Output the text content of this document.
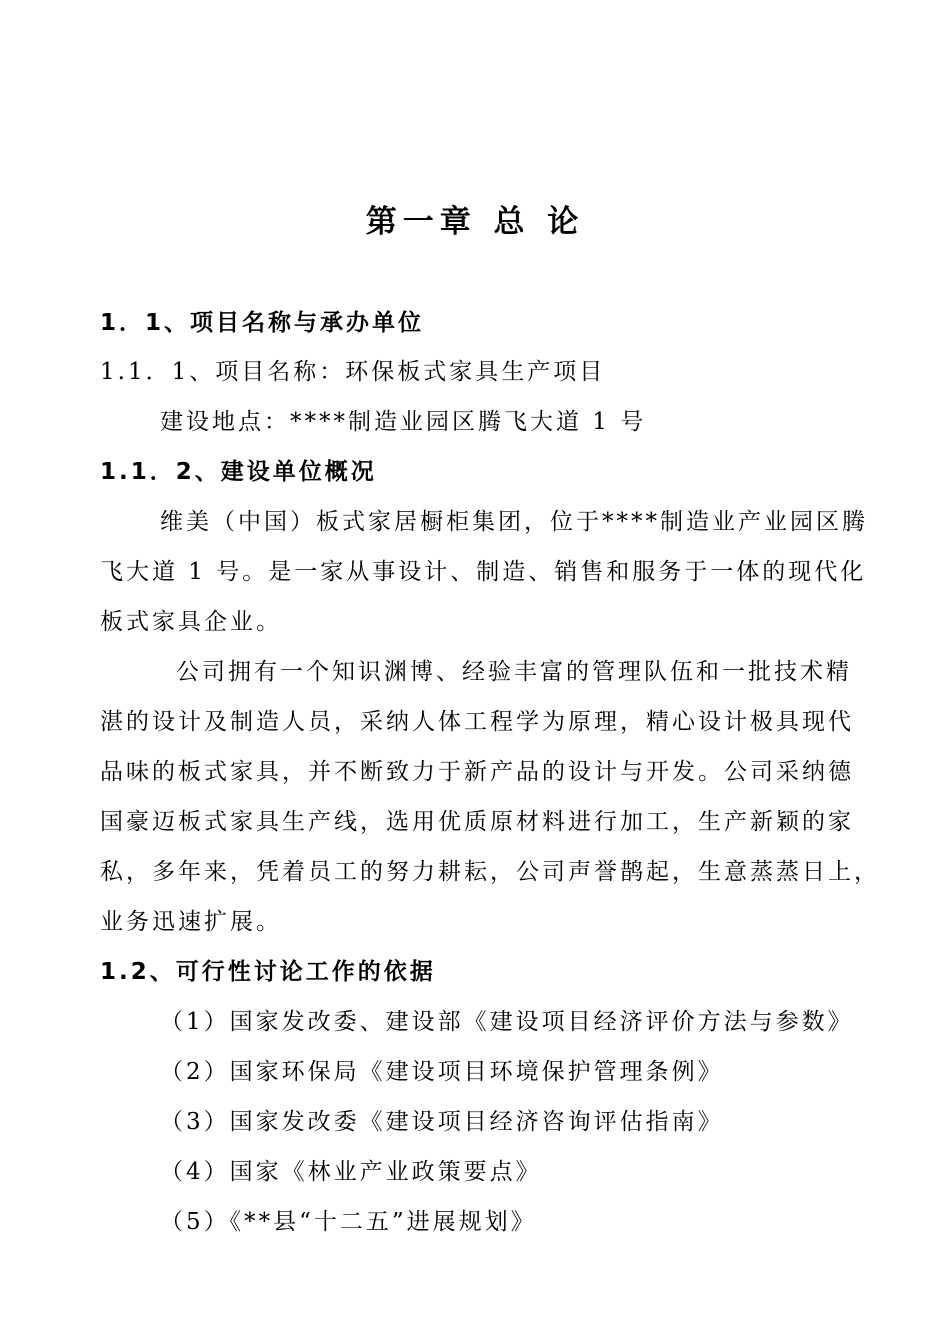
第一章 总 论
1．1、项目名称与承办单位
1.1．1、项目名称：环保板式家具生产项目
建设地点：****制造业园区腾飞大道 1 号
1.1．2、建设单位概况
维美（中国）板式家居橱柜集团，位于****制造业产业园区腾
飞大道 1 号。是一家从事设计、制造、销售和服务于一体的现代化
板式家具企业。
公司拥有一个知识渊博、经验丰富的管理队伍和一批技术精
湛的设计及制造人员，采纳人体工程学为原理，精心设计极具现代
品味的板式家具，并不断致力于新产品的设计与开发。公司采纳德
国豪迈板式家具生产线，选用优质原材料进行加工，生产新颖的家
私，多年来，凭着员工的努力耕耘，公司声誉鹊起，生意蒸蒸日上，
业务迅速扩展。
1.2、可行性讨论工作的依据
（1）国家发改委、建设部《建设项目经济评价方法与参数》
（2）国家环保局《建设项目环境保护管理条例》
（3）国家发改委《建设项目经济咨询评估指南》
（4）国家《林业产业政策要点》
（5）《**县“十二五”进展规划》
